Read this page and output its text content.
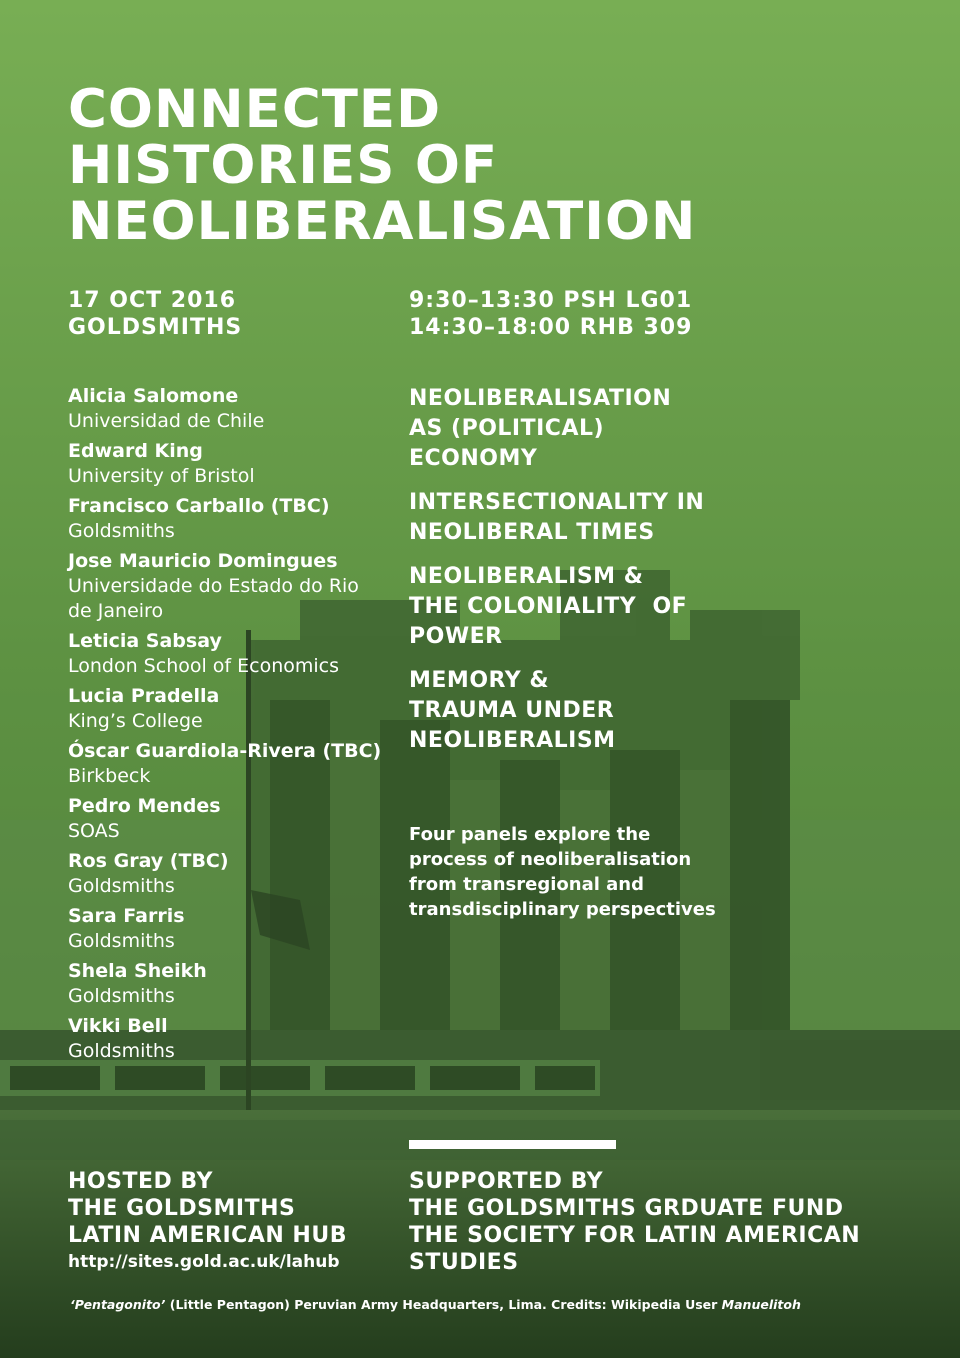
CONNECTED
HISTORIES OF
NEOLIBERALISATION
17 OCT 2016
GOLDSMITHS
9:30–13:30 PSH LG01
14:30–18:00 RHB 309
Alicia Salomone
Universidad de Chile
Edward King
University of Bristol
Francisco Carballo (TBC)
Goldsmiths
Jose Mauricio Domingues
Universidade do Estado do Rio de Janeiro
Leticia Sabsay
London School of Economics
Lucia Pradella
King’s College
Óscar Guardiola-Rivera (TBC)
Birkbeck
Pedro Mendes
SOAS
Ros Gray (TBC)
Goldsmiths
Sara Farris
Goldsmiths
Shela Sheikh
Goldsmiths
Vikki Bell
Goldsmiths
NEOLIBERALISATION
AS (POLITICAL)
ECONOMY
INTERSECTIONALITY IN
NEOLIBERAL TIMES
NEOLIBERALISM &
THE COLONIALITY  OF
POWER
MEMORY &
TRAUMA UNDER
NEOLIBERALISM
Four panels explore the
process of neoliberalisation
from transregional and
transdisciplinary perspectives
HOSTED BY
THE GOLDSMITHS
LATIN AMERICAN HUB
http://sites.gold.ac.uk/lahub
SUPPORTED BY
THE GOLDSMITHS GRDUATE FUND
THE SOCIETY FOR LATIN AMERICAN
STUDIES
‘Pentagonito’ (Little Pentagon) Peruvian Army Headquarters, Lima. Credits: Wikipedia User Manuelitoh
